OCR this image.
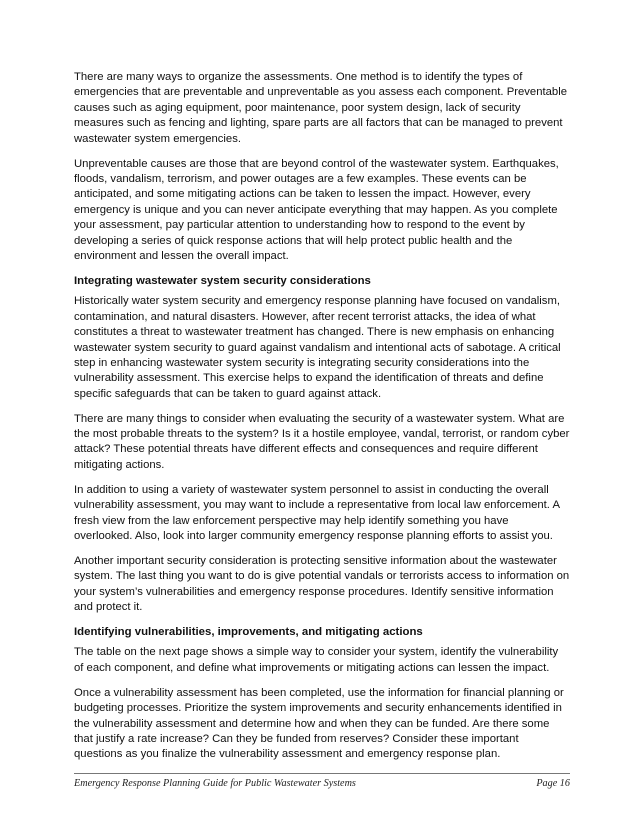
There are many ways to organize the assessments. One method is to identify the types of emergencies that are preventable and unpreventable as you assess each component. Preventable causes such as aging equipment, poor maintenance, poor system design, lack of security measures such as fencing and lighting, spare parts are all factors that can be managed to prevent wastewater system emergencies.

Unpreventable causes are those that are beyond control of the wastewater system. Earthquakes, floods, vandalism, terrorism, and power outages are a few examples. These events can be anticipated, and some mitigating actions can be taken to lessen the impact. However, every emergency is unique and you can never anticipate everything that may happen. As you complete your assessment, pay particular attention to understanding how to respond to the event by developing a series of quick response actions that will help protect public health and the environment and lessen the overall impact.

Integrating wastewater system security considerations

Historically water system security and emergency response planning have focused on vandalism, contamination, and natural disasters. However, after recent terrorist attacks, the idea of what constitutes a threat to wastewater treatment has changed. There is new emphasis on enhancing wastewater system security to guard against vandalism and intentional acts of sabotage. A critical step in enhancing wastewater system security is integrating security considerations into the vulnerability assessment. This exercise helps to expand the identification of threats and define specific safeguards that can be taken to guard against attack.

There are many things to consider when evaluating the security of a wastewater system. What are the most probable threats to the system? Is it a hostile employee, vandal, terrorist, or random cyber attack? These potential threats have different effects and consequences and require different mitigating actions.

In addition to using a variety of wastewater system personnel to assist in conducting the overall vulnerability assessment, you may want to include a representative from local law enforcement. A fresh view from the law enforcement perspective may help identify something you have overlooked. Also, look into larger community emergency response planning efforts to assist you.

Another important security consideration is protecting sensitive information about the wastewater system. The last thing you want to do is give potential vandals or terrorists access to information on your system’s vulnerabilities and emergency response procedures. Identify sensitive information and protect it.

Identifying vulnerabilities, improvements, and mitigating actions

The table on the next page shows a simple way to consider your system, identify the vulnerability of each component, and define what improvements or mitigating actions can lessen the impact.

Once a vulnerability assessment has been completed, use the information for financial planning or budgeting processes. Prioritize the system improvements and security enhancements identified in the vulnerability assessment and determine how and when they can be funded. Are there some that justify a rate increase? Can they be funded from reserves? Consider these important questions as you finalize the vulnerability assessment and emergency response plan.

Emergency Response Planning Guide for Public Wastewater Systems	Page 16
